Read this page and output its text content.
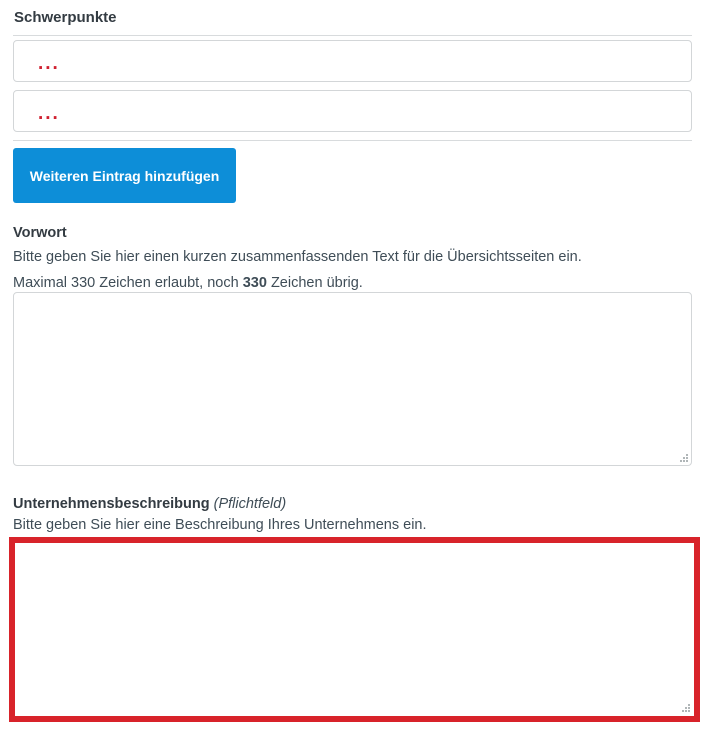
Schwerpunkte
...
...
Weiteren Eintrag hinzufügen
Vorwort
Bitte geben Sie hier einen kurzen zusammenfassenden Text für die Übersichtsseiten ein.
Maximal 330 Zeichen erlaubt, noch 330 Zeichen übrig.
Unternehmensbeschreibung (Pflichtfeld)
Bitte geben Sie hier eine Beschreibung Ihres Unternehmens ein.
